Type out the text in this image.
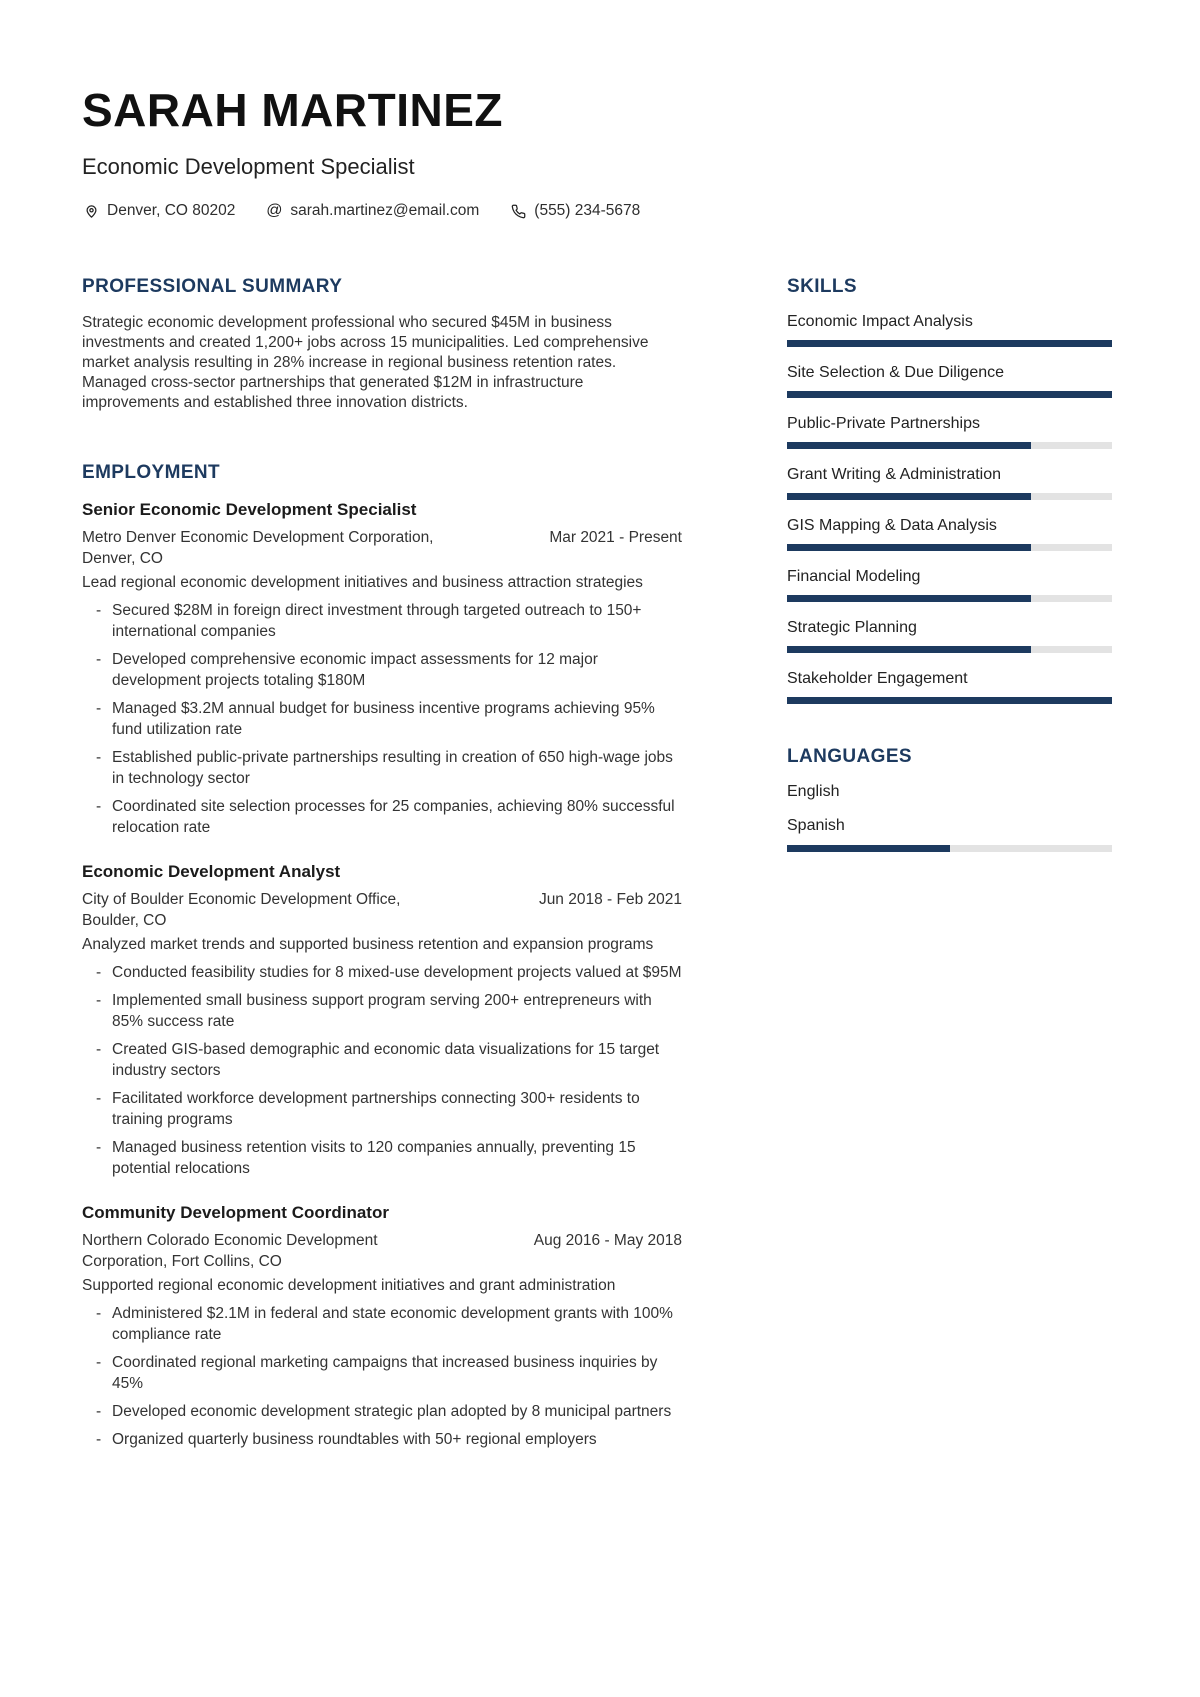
SARAH MARTINEZ
Economic Development Specialist
Denver, CO 80202 @ sarah.martinez@email.com	(555) 234-5678
PROFESSIONAL SUMMARY

Strategic economic development professional who secured $45M in business investments and created 1,200+ jobs across 15 municipalities. Led comprehensive market analysis resulting in 28% increase in regional business retention rates. Managed cross-sector partnerships that generated $12M in infrastructure improvements and established three innovation districts.

EMPLOYMENT
Senior Economic Development Specialist
Metro Denver Economic Development Corporation, Denver, CO
Mar 2021 - Present
Lead regional economic development initiatives and business attraction strategies
- Secured $28M in foreign direct investment through targeted outreach to 150+ international companies
- Developed comprehensive economic impact assessments for 12 major development projects totaling $180M
- Managed $3.2M annual budget for business incentive programs achieving 95% fund utilization rate
- Established public-private partnerships resulting in creation of 650 high-wage jobs in technology sector
- Coordinated site selection processes for 25 companies, achieving 80% successful relocation rate
Economic Development Analyst
City of Boulder Economic Development Office, Boulder, CO
Jun 2018 - Feb 2021
Analyzed market trends and supported business retention and expansion programs
- Conducted feasibility studies for 8 mixed-use development projects valued at $95M
- Implemented small business support program serving 200+ entrepreneurs with 85% success rate
- Created GIS-based demographic and economic data visualizations for 15 target industry sectors
- Facilitated workforce development partnerships connecting 300+ residents to training programs
- Managed business retention visits to 120 companies annually, preventing 15 potential relocations
Community Development Coordinator
Northern Colorado Economic Development Corporation, Fort Collins, CO
Aug 2016 - May 2018
Supported regional economic development initiatives and grant administration
- Administered $2.1M in federal and state economic development grants with 100% compliance rate
- Coordinated regional marketing campaigns that increased business inquiries by 45%
- Developed economic development strategic plan adopted by 8 municipal partners
- Organized quarterly business roundtables with 50+ regional employers
SKILLS
Economic Impact Analysis
Site Selection & Due Diligence
Public-Private Partnerships
Grant Writing & Administration
GIS Mapping & Data Analysis
Financial Modeling
Strategic Planning
Stakeholder Engagement
LANGUAGES
English
Spanish
